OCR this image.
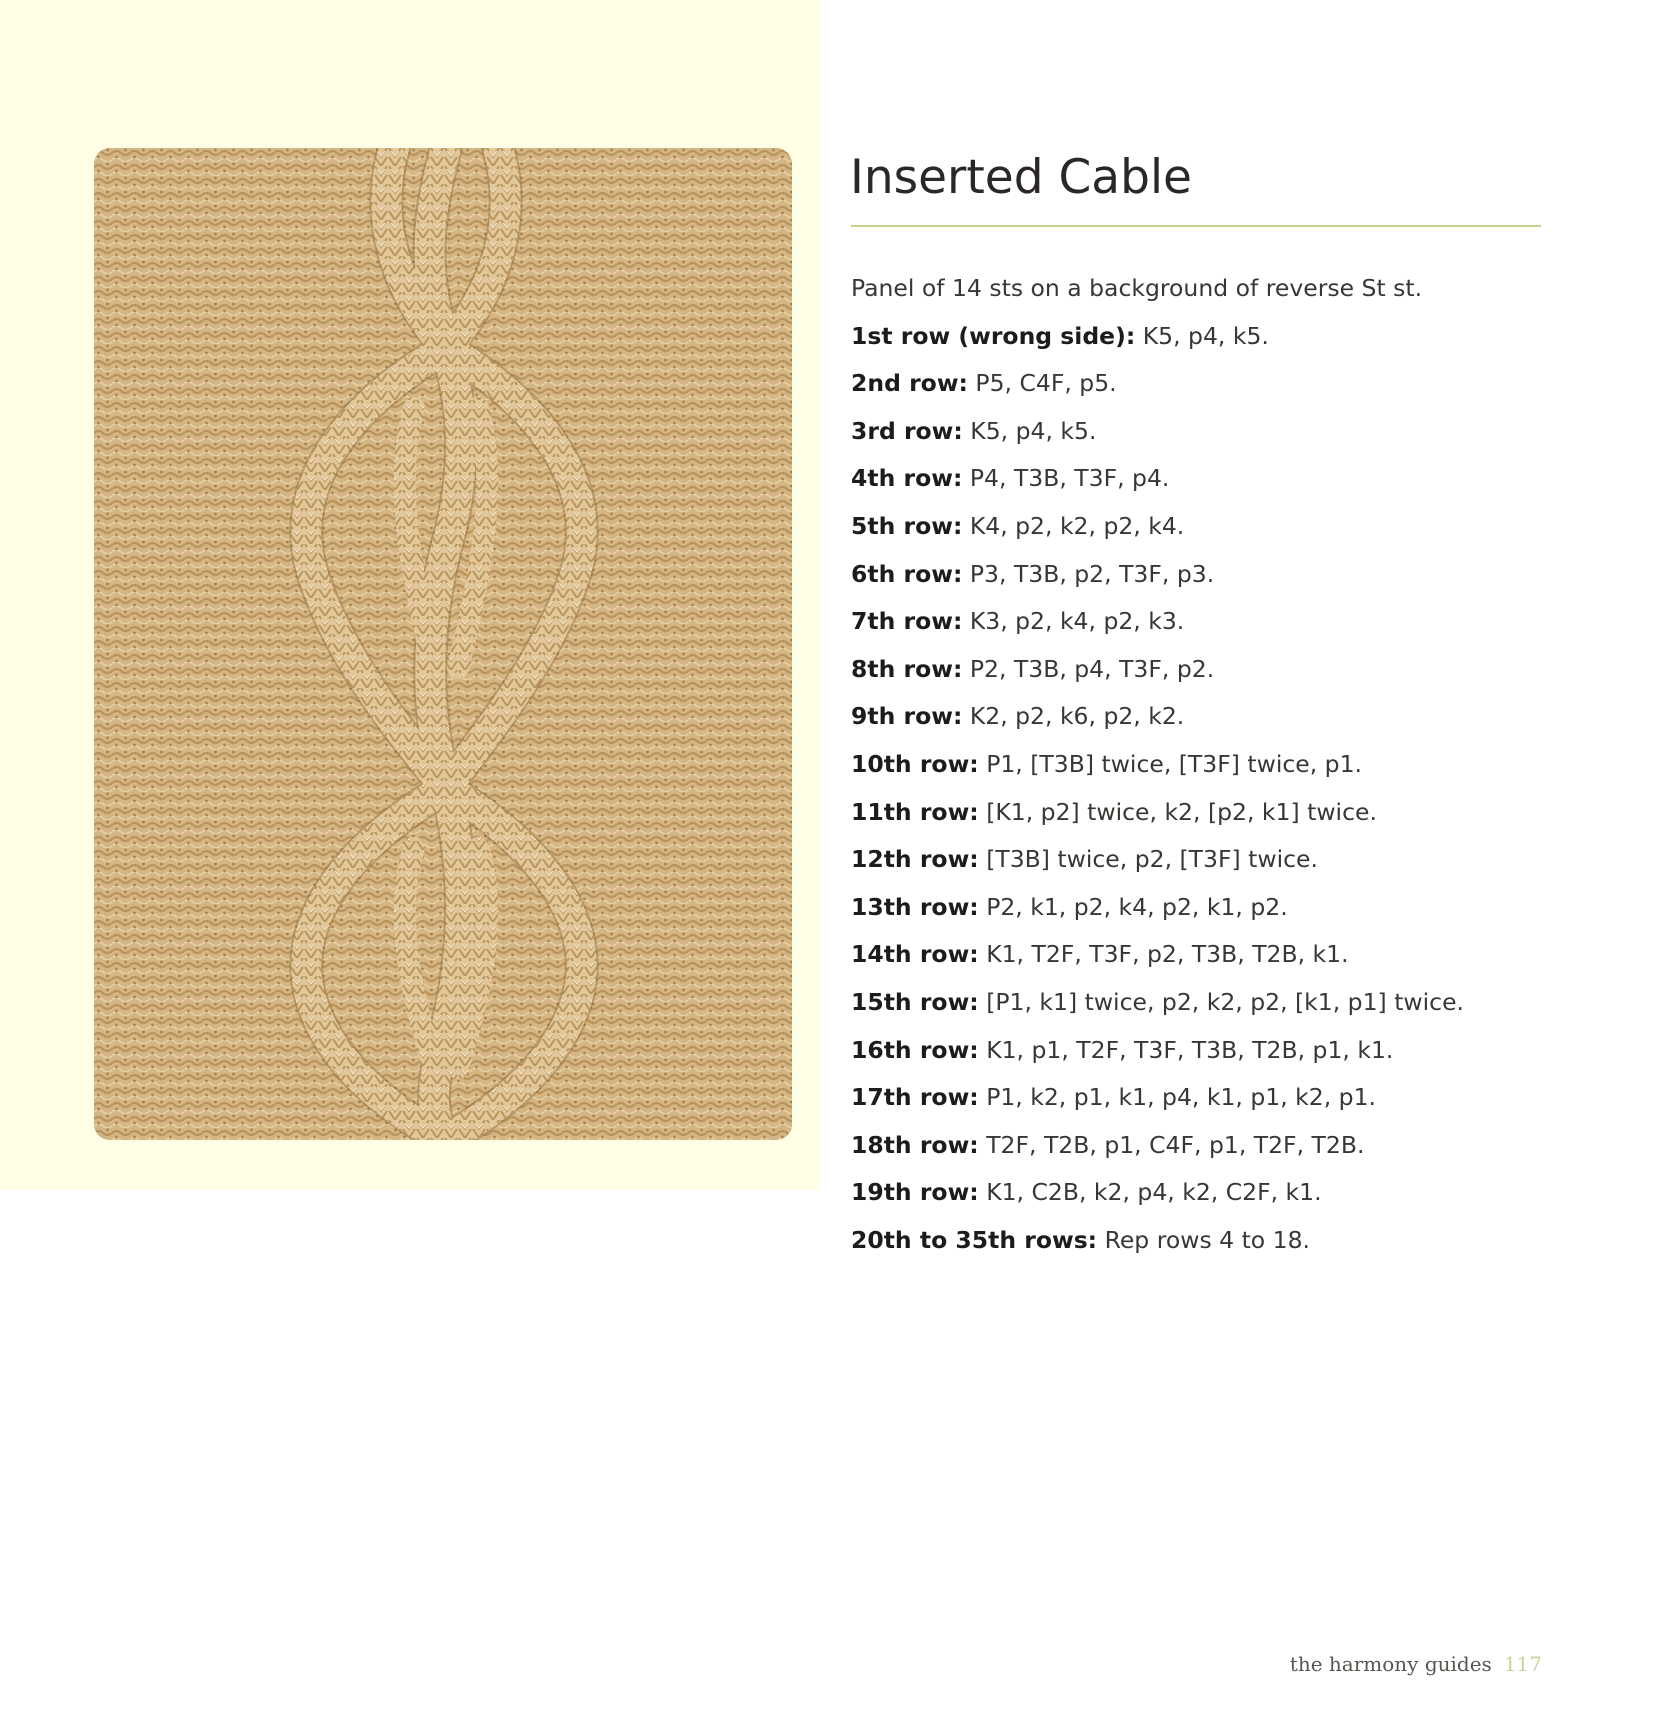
Inserted Cable
Panel of 14 sts on a background of reverse St st.
1st row (wrong side): K5, p4, k5.
2nd row: P5, C4F, p5.
3rd row: K5, p4, k5.
4th row: P4, T3B, T3F, p4.
5th row: K4, p2, k2, p2, k4.
6th row: P3, T3B, p2, T3F, p3.
7th row: K3, p2, k4, p2, k3.
8th row: P2, T3B, p4, T3F, p2.
9th row: K2, p2, k6, p2, k2.
10th row: P1, [T3B] twice, [T3F] twice, p1.
11th row: [K1, p2] twice, k2, [p2, k1] twice.
12th row: [T3B] twice, p2, [T3F] twice.
13th row: P2, k1, p2, k4, p2, k1, p2.
14th row: K1, T2F, T3F, p2, T3B, T2B, k1.
15th row: [P1, k1] twice, p2, k2, p2, [k1, p1] twice.
16th row: K1, p1, T2F, T3F, T3B, T2B, p1, k1.
17th row: P1, k2, p1, k1, p4, k1, p1, k2, p1.
18th row: T2F, T2B, p1, C4F, p1, T2F, T2B.
19th row: K1, C2B, k2, p4, k2, C2F, k1.
20th to 35th rows: Rep rows 4 to 18.
the harmony guides 117
